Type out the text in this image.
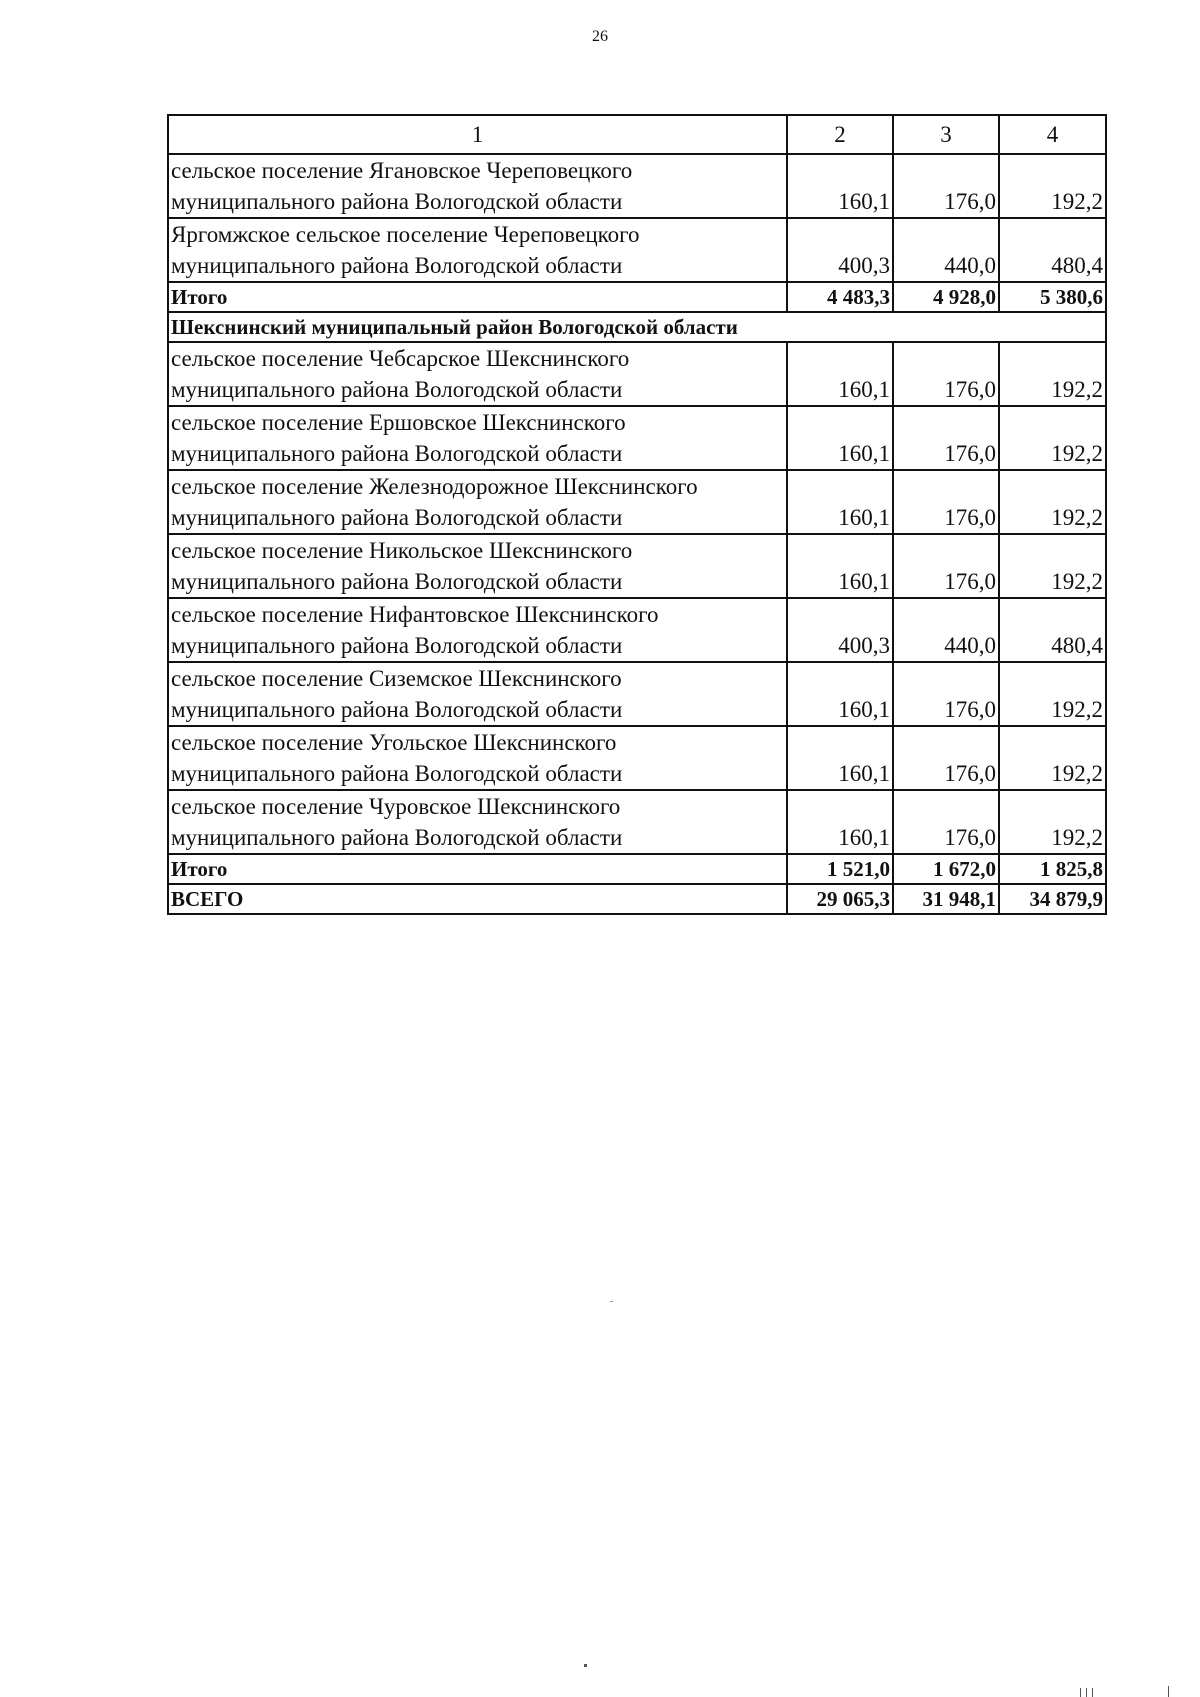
26
1	2	3	4
сельское поселение Ягановское Череповецкого муниципального района Вологодской области	160,1	176,0	192,2
Яргомжское сельское поселение Череповецкого муниципального района Вологодской области	400,3	440,0	480,4
Итого	4 483,3	4 928,0	5 380,6
Шекснинский муниципальный район Вологодской области			
сельское поселение Чебсарское Шекснинского муниципального района Вологодской области	160,1	176,0	192,2
сельское поселение Ершовское Шекснинского муниципального района Вологодской области	160,1	176,0	192,2
сельское поселение Железнодорожное Шекснинского муниципального района Вологодской области	160,1	176,0	192,2
сельское поселение Никольское Шекснинского муниципального района Вологодской области	160,1	176,0	192,2
сельское поселение Нифантовское Шекснинского муниципального района Вологодской области	400,3	440,0	480,4
сельское поселение Сиземское Шекснинского муниципального района Вологодской области	160,1	176,0	192,2
сельское поселение Угольское Шекснинского муниципального района Вологодской области	160,1	176,0	192,2
сельское поселение Чуровское Шекснинского муниципального района Вологодской области	160,1	176,0	192,2
Итого	1 521,0	1 672,0	1 825,8
ВСЕГО	29 065,3	31 948,1	34 879,9
